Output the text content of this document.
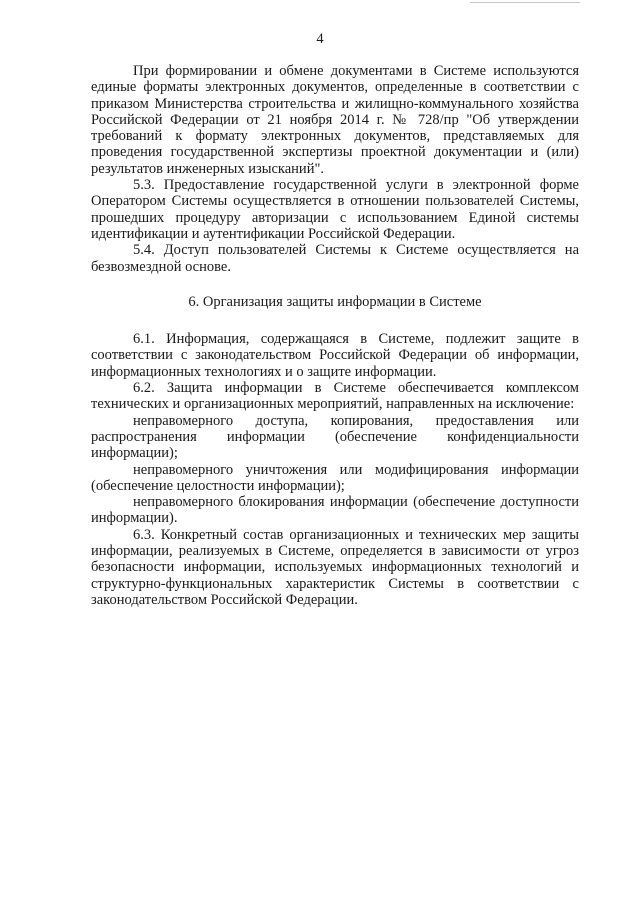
4

При формировании и обмене документами в Системе используются единые форматы электронных документов, определенные в соответствии с приказом Министерства строительства и жилищно-коммунального хозяйства Российской Федерации от 21 ноября 2014 г. № 728/пр "Об утверждении требований к формату электронных документов, представляемых для проведения государственной экспертизы проектной документации и (или) результатов инженерных изысканий".

5.3. Предоставление государственной услуги в электронной форме Оператором Системы осуществляется в отношении пользователей Системы, прошедших процедуру авторизации с использованием Единой системы идентификации и аутентификации Российской Федерации.

5.4. Доступ пользователей Системы к Системе осуществляется на безвозмездной основе.

6. Организация защиты информации в Системе

6.1. Информация, содержащаяся в Системе, подлежит защите в соответствии с законодательством Российской Федерации об информации, информационных технологиях и о защите информации.

6.2. Защита информации в Системе обеспечивается комплексом технических и организационных мероприятий, направленных на исключение:

неправомерного доступа, копирования, предоставления или распространения информации (обеспечение конфиденциальности информации);

неправомерного уничтожения или модифицирования информации (обеспечение целостности информации);

неправомерного блокирования информации (обеспечение доступности информации).

6.3. Конкретный состав организационных и технических мер защиты информации, реализуемых в Системе, определяется в зависимости от угроз безопасности информации, используемых информационных технологий и структурно-функциональных характеристик Системы в соответствии с законодательством Российской Федерации.
